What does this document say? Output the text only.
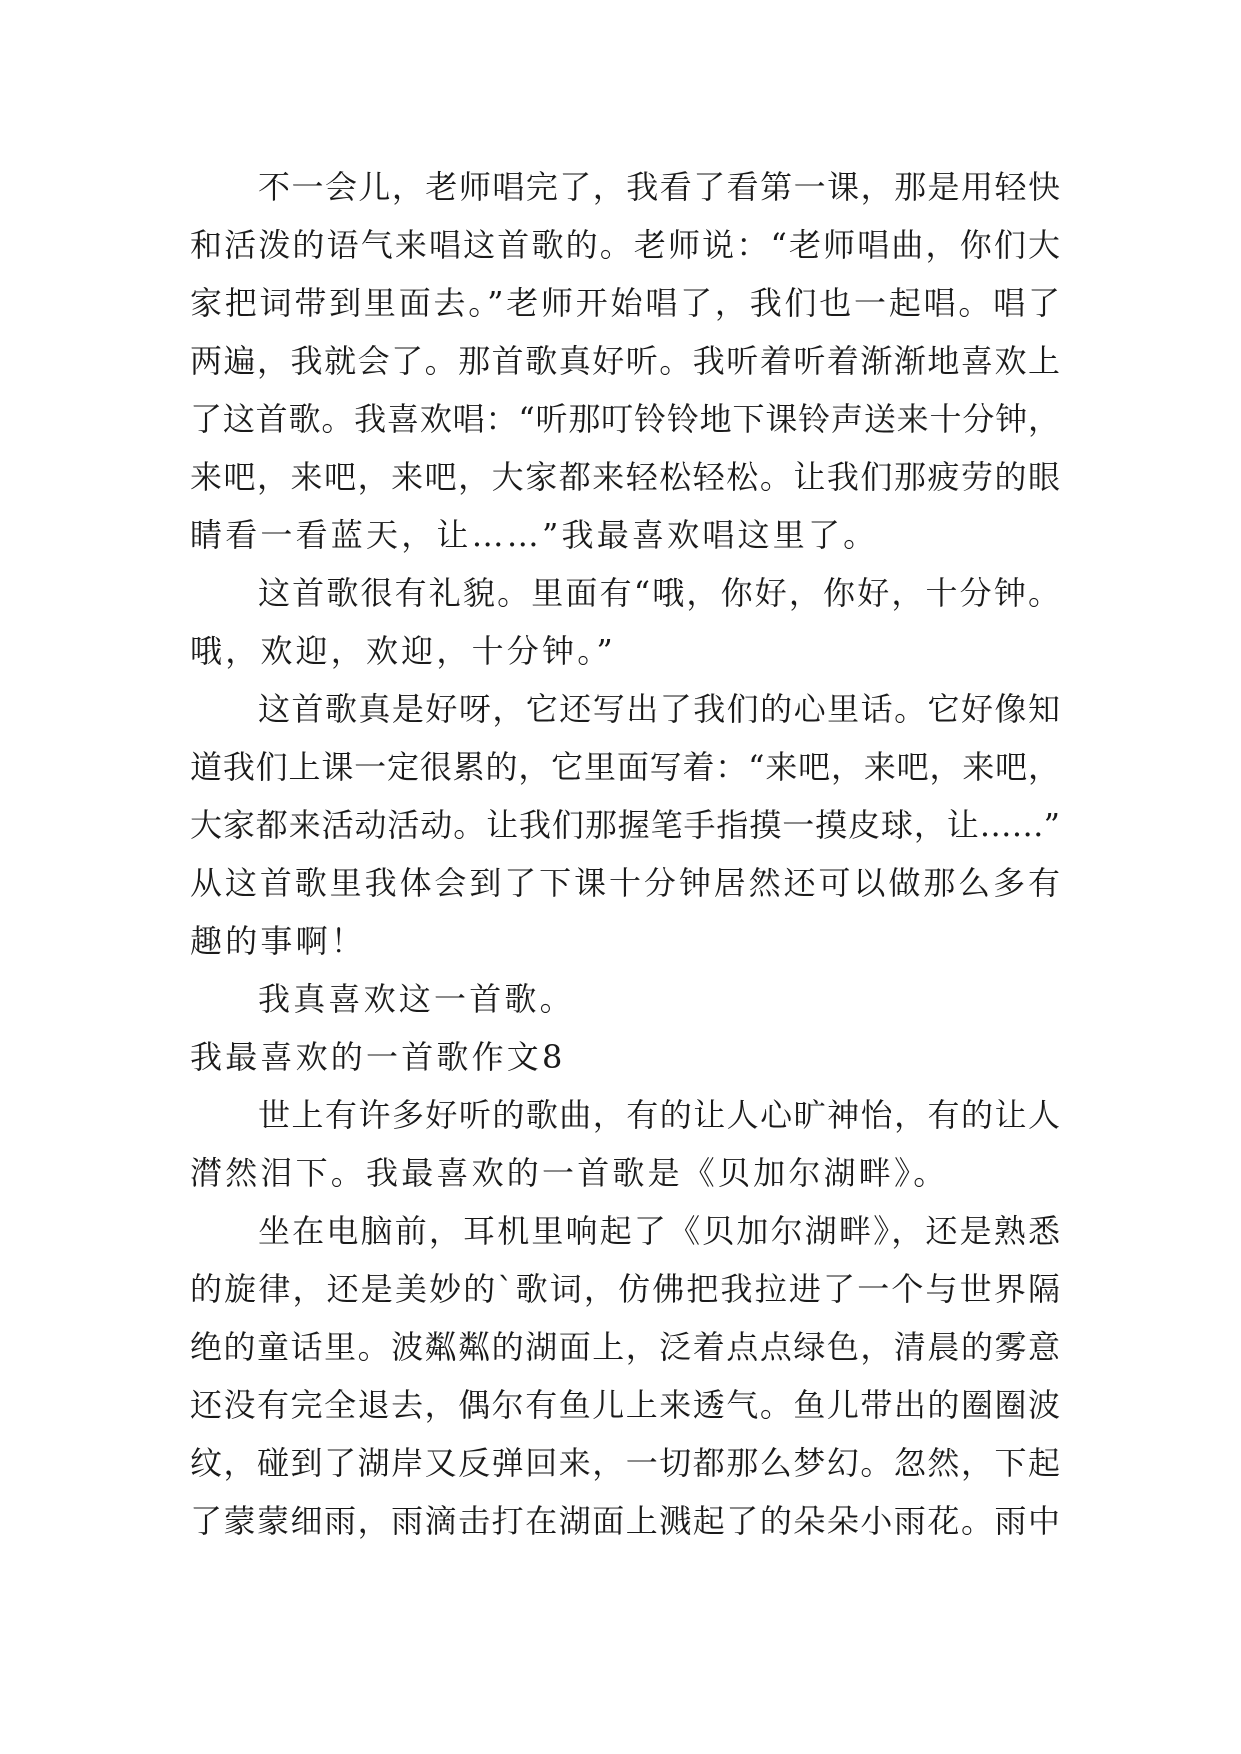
不一会儿，老师唱完了，我看了看第一课，那是用轻快
和活泼的语气来唱这首歌的。老师说：“老师唱曲，你们大
家把词带到里面去。”老师开始唱了，我们也一起唱。唱了
两遍，我就会了。那首歌真好听。我听着听着渐渐地喜欢上
了这首歌。我喜欢唱：“听那叮铃铃地下课铃声送来十分钟，
来吧，来吧，来吧，大家都来轻松轻松。让我们那疲劳的眼
睛看一看蓝天，让……”我最喜欢唱这里了。
这首歌很有礼貌。里面有“哦，你好，你好，十分钟。
哦，欢迎，欢迎，十分钟。”
这首歌真是好呀，它还写出了我们的心里话。它好像知
道我们上课一定很累的，它里面写着：“来吧，来吧，来吧，
大家都来活动活动。让我们那握笔手指摸一摸皮球，让……”
从这首歌里我体会到了下课十分钟居然还可以做那么多有
趣的事啊！
我真喜欢这一首歌。
我最喜欢的一首歌作文8
世上有许多好听的歌曲，有的让人心旷神怡，有的让人
潸然泪下。我最喜欢的一首歌是《贝加尔湖畔》。
坐在电脑前，耳机里响起了《贝加尔湖畔》，还是熟悉
的旋律，还是美妙的`歌词，仿佛把我拉进了一个与世界隔
绝的童话里。波粼粼的湖面上，泛着点点绿色，清晨的雾意
还没有完全退去，偶尔有鱼儿上来透气。鱼儿带出的圈圈波
纹，碰到了湖岸又反弹回来，一切都那么梦幻。忽然，下起
了蒙蒙细雨，雨滴击打在湖面上溅起了的朵朵小雨花。雨中
